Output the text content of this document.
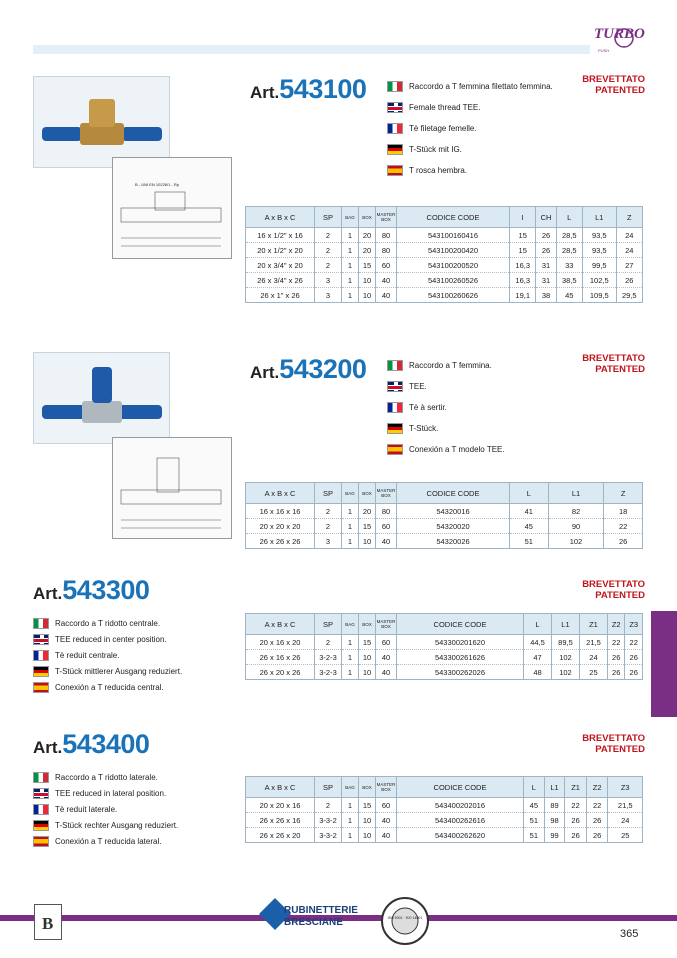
TURBO
PUSH
B - UNI EN 10226/1 - Rp
Art.543100	BREVETTATO
PATENTED
Raccordo a T femmina filettato femmina.
Female thread TEE.
Tè filetage femelle.
T-Stück mit IG.
T rosca hembra.
A x B x C	SP	BAG	BOX	MASTER BOX	CODICE CODE	I	CH	L	L1	Z
16 x 1/2" x 16	2	1	20	80	543100160416	15	26	28,5	93,5	24
20 x 1/2" x 20	2	1	20	80	543100200420	15	26	28,5	93,5	24
20 x 3/4" x 20	2	1	15	60	543100200520	16,3	31	33	99,5	27
26 x 3/4" x 26	3	1	10	40	543100260526	16,3	31	38,5	102,5	26
26 x 1" x 26	3	1	10	40	543100260626	19,1	38	45	109,5	29,5
Art.543200	BREVETTATO
PATENTED
Raccordo a T femmina.
TEE.
Tè à sertir.
T-Stück.
Conexión a T modelo TEE.
A x B x C	SP	BAG	BOX	MASTER BOX	CODICE CODE	L	L1	Z
16 x 16 x 16	2	1	20	80	54320016	41	82	18
20 x 20 x 20	2	1	15	60	54320020	45	90	22
26 x 26 x 26	3	1	10	40	54320026	51	102	26
Art.543300	BREVETTATO
PATENTED
Raccordo a T ridotto centrale.
TEE reduced in center position.
Tè reduit centrale.
T-Stück mittlerer Ausgang reduziert.
Conexión a T reducida central.
A x B x C	SP	BAG	BOX	MASTER BOX	CODICE CODE	L	L1	Z1	Z2	Z3
20 x 16 x 20	2	1	15	60	543300201620	44,5	89,5	21,5	22	22
26 x 16 x 26	3-2-3	1	10	40	543300261626	47	102	24	26	26
26 x 20 x 26	3-2-3	1	10	40	543300262026	48	102	25	26	26
Art.543400	BREVETTATO
PATENTED
Raccordo a T ridotto laterale.
TEE reduced in lateral position.
Tè reduit laterale.
T-Stück rechter Ausgang reduziert.
Conexión a T reducida lateral.
A x B x C	SP	BAG	BOX	MASTER BOX	CODICE CODE	L	L1	Z1	Z2	Z3
20 x 20 x 16	2	1	15	60	543400202016	45	89	22	22	21,5
26 x 26 x 16	3-3-2	1	10	40	543400262616	51	98	26	26	24
26 x 26 x 20	3-3-2	1	10	40	543400262620	51	99	26	26	25
B
RUBINETTERIE
BRESCIANE	ISO 9001 · ISO 14001
365
